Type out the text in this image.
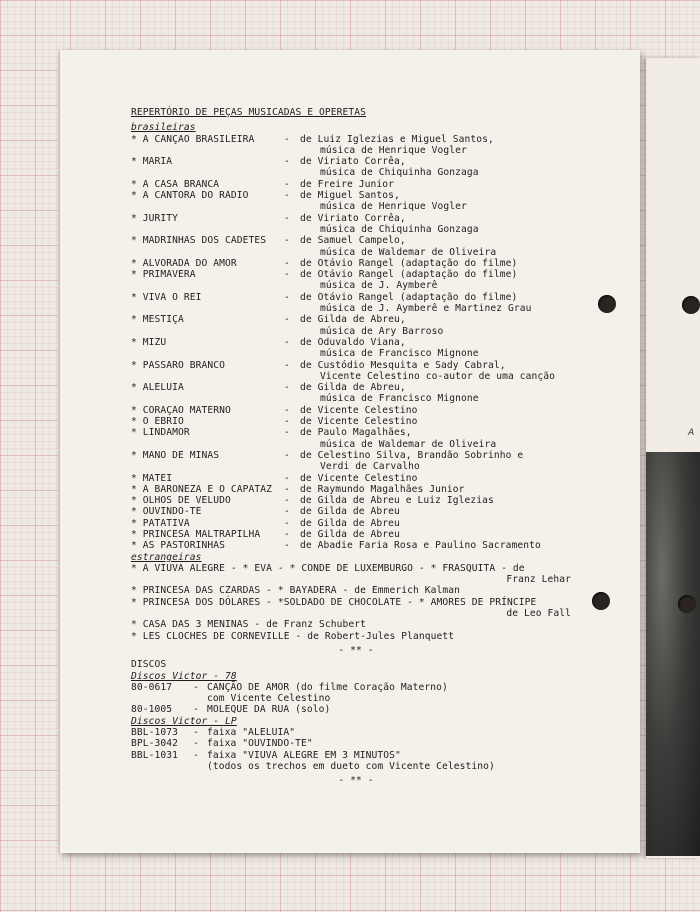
A
REPERTÓRIO DE PEÇAS MUSICADAS E OPERETAS
brasileiras
* A CANÇÃO BRASILEIRA	-	de Luiz Iglezias e Miguel Santos,
música de Henrique Vogler
* MARIA	-	de Viriato Corrêa,
música de Chiquinha Gonzaga
* A CASA BRANCA	-	de Freire Junior
* A CANTORA DO RÁDIO	-	de Miguel Santos,
música de Henrique Vogler
* JURITY	-	de Viriato Corrêa,
música de Chiquinha Gonzaga
* MADRINHAS DOS CADETES	-	de Samuel Campelo,
música de Waldemar de Oliveira
* ALVORADA DO AMOR	-	de Otávio Rangel (adaptação do filme)
* PRIMAVERA	-	de Otávio Rangel (adaptação do filme)
música de J. Aymberê
* VIVA O REI	-	de Otávio Rangel (adaptação do filme)
música de J. Aymberê e Martinez Grau
* MESTIÇA	-	de Gilda de Abreu,
música de Ary Barroso
* MIZÚ	-	de Oduvaldo Viana,
música de Francisco Mignone
* PASSARO BRANCO	-	de Custódio Mesquita e Sady Cabral,
Vicente Celestino co-autor de uma canção
* ALELUIA	-	de Gilda de Abreu,
música de Francisco Mignone
* CORAÇÃO MATERNO	-	de Vicente Celestino
* O ÉBRIO	-	de Vicente Celestino
* LINDAMOR	-	de Paulo Magalhães,
música de Waldemar de Oliveira
* MANO DE MINAS	-	de Celestino Silva, Brandão Sobrinho e
Verdi de Carvalho
* MATEI	-	de Vicente Celestino
* A BARONEZA E O CAPATAZ	-	de Raymundo Magalhães Junior
* OLHOS DE VELUDO	-	de Gilda de Abreu e Luiz Iglezias
* OUVINDO-TE	-	de Gilda de Abreu
* PATATIVA	-	de Gilda de Abreu
* PRINCESA MALTRAPILHA	-	de Gilda de Abreu
* AS PASTORINHAS	-	de Abadie Faria Rosa e Paulino Sacramento
estrangeiras
* A VIUVA ALEGRE - * EVA - * CONDE DE LUXEMBURGO - * FRASQUITA - de
Franz Lehar
* PRINCESA DAS CZARDAS - * BAYADERA - de Emmerich Kalman
* PRINCESA DOS DÓLARES - *SOLDADO DE CHOCOLATE - * AMORES DE PRÍNCIPE
de Leo Fall
* CASA DAS 3 MENINAS - de Franz Schubert
* LES CLOCHES DE CORNEVILLE - de Robert-Jules Planquett
- ** -
DISCOS
Discos Victor - 78
80-0617	- CANÇÃO DE AMOR (do filme Coração Materno)
com Vicente Celestino
80-1005	- MOLEQUE DA RUA (solo)
Discos Victor - LP
BBL-1073	- faixa "ALELUIA"
BPL-3042	- faixa "OUVINDO-TE"
BBL-1031	- faixa "VIUVA ALEGRE EM 3 MINUTOS"
(todos os trechos em dueto com Vicente Celestino)
- ** -
